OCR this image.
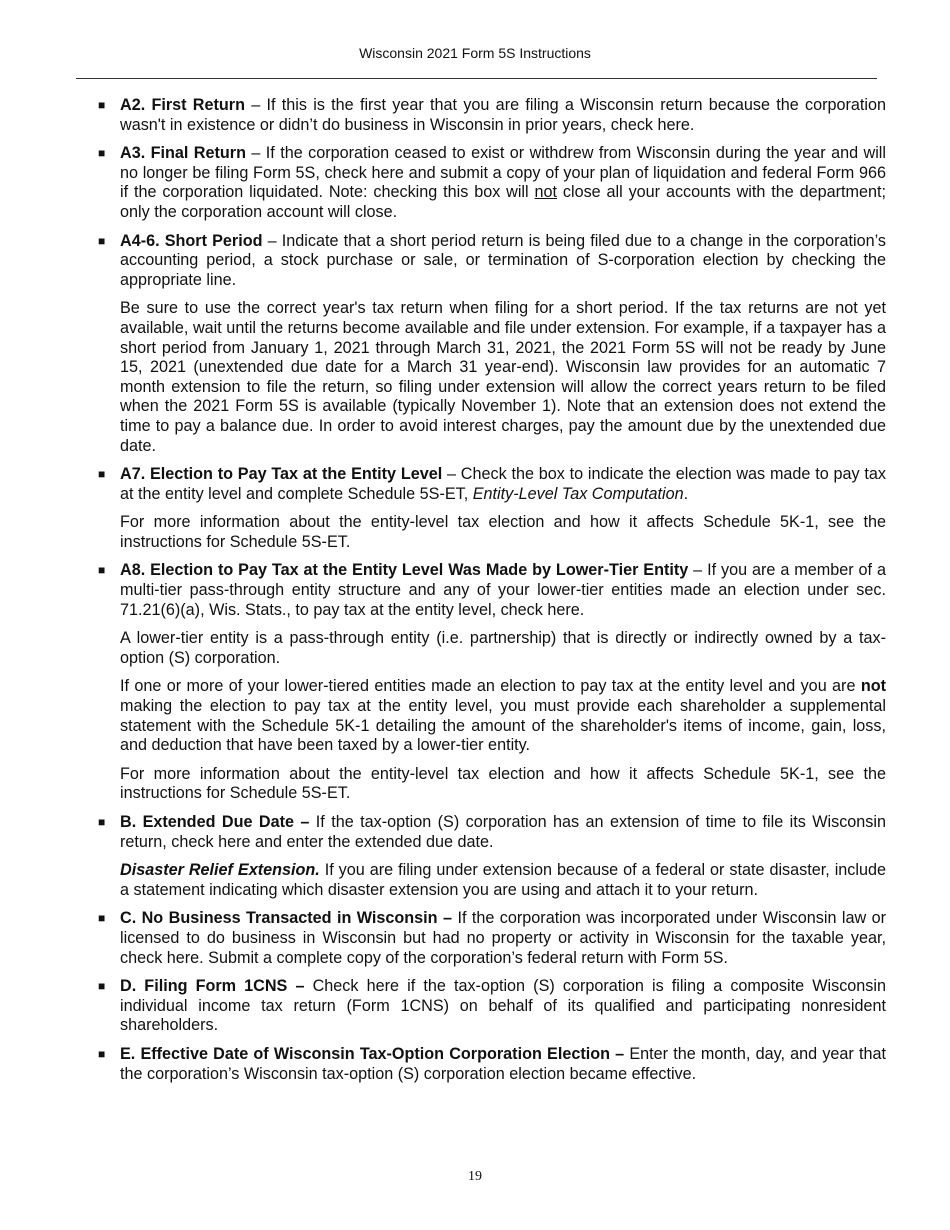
Wisconsin 2021 Form 5S Instructions
■ A2. First Return – If this is the first year that you are filing a Wisconsin return because the corporation wasn't in existence or didn’t do business in Wisconsin in prior years, check here.
■ A3. Final Return – If the corporation ceased to exist or withdrew from Wisconsin during the year and will no longer be filing Form 5S, check here and submit a copy of your plan of liquidation and federal Form 966 if the corporation liquidated. Note: checking this box will not close all your accounts with the department; only the corporation account will close.
■ A4-6. Short Period – Indicate that a short period return is being filed due to a change in the corporation’s accounting period, a stock purchase or sale, or termination of S-corporation election by checking the appropriate line.
Be sure to use the correct year's tax return when filing for a short period. If the tax returns are not yet available, wait until the returns become available and file under extension. For example, if a taxpayer has a short period from January 1, 2021 through March 31, 2021, the 2021 Form 5S will not be ready by June 15, 2021 (unextended due date for a March 31 year-end). Wisconsin law provides for an automatic 7 month extension to file the return, so filing under extension will allow the correct years return to be filed when the 2021 Form 5S is available (typically November 1). Note that an extension does not extend the time to pay a balance due. In order to avoid interest charges, pay the amount due by the unextended due date.
■ A7. Election to Pay Tax at the Entity Level – Check the box to indicate the election was made to pay tax at the entity level and complete Schedule 5S-ET, Entity-Level Tax Computation.
For more information about the entity-level tax election and how it affects Schedule 5K-1, see the instructions for Schedule 5S-ET.
■ A8. Election to Pay Tax at the Entity Level Was Made by Lower-Tier Entity – If you are a member of a multi-tier pass-through entity structure and any of your lower-tier entities made an election under sec. 71.21(6)(a), Wis. Stats., to pay tax at the entity level, check here.
A lower-tier entity is a pass-through entity (i.e. partnership) that is directly or indirectly owned by a tax-option (S) corporation.
If one or more of your lower-tiered entities made an election to pay tax at the entity level and you are not making the election to pay tax at the entity level, you must provide each shareholder a supplemental statement with the Schedule 5K-1 detailing the amount of the shareholder's items of income, gain, loss, and deduction that have been taxed by a lower-tier entity.
For more information about the entity-level tax election and how it affects Schedule 5K-1, see the instructions for Schedule 5S-ET.
■ B. Extended Due Date – If the tax-option (S) corporation has an extension of time to file its Wisconsin return, check here and enter the extended due date.
Disaster Relief Extension. If you are filing under extension because of a federal or state disaster, include a statement indicating which disaster extension you are using and attach it to your return.
■ C. No Business Transacted in Wisconsin – If the corporation was incorporated under Wisconsin law or licensed to do business in Wisconsin but had no property or activity in Wisconsin for the taxable year, check here. Submit a complete copy of the corporation’s federal return with Form 5S.
■ D. Filing Form 1CNS – Check here if the tax-option (S) corporation is filing a composite Wisconsin individual income tax return (Form 1CNS) on behalf of its qualified and participating nonresident shareholders.
■ E. Effective Date of Wisconsin Tax-Option Corporation Election – Enter the month, day, and year that the corporation’s Wisconsin tax-option (S) corporation election became effective.
19
